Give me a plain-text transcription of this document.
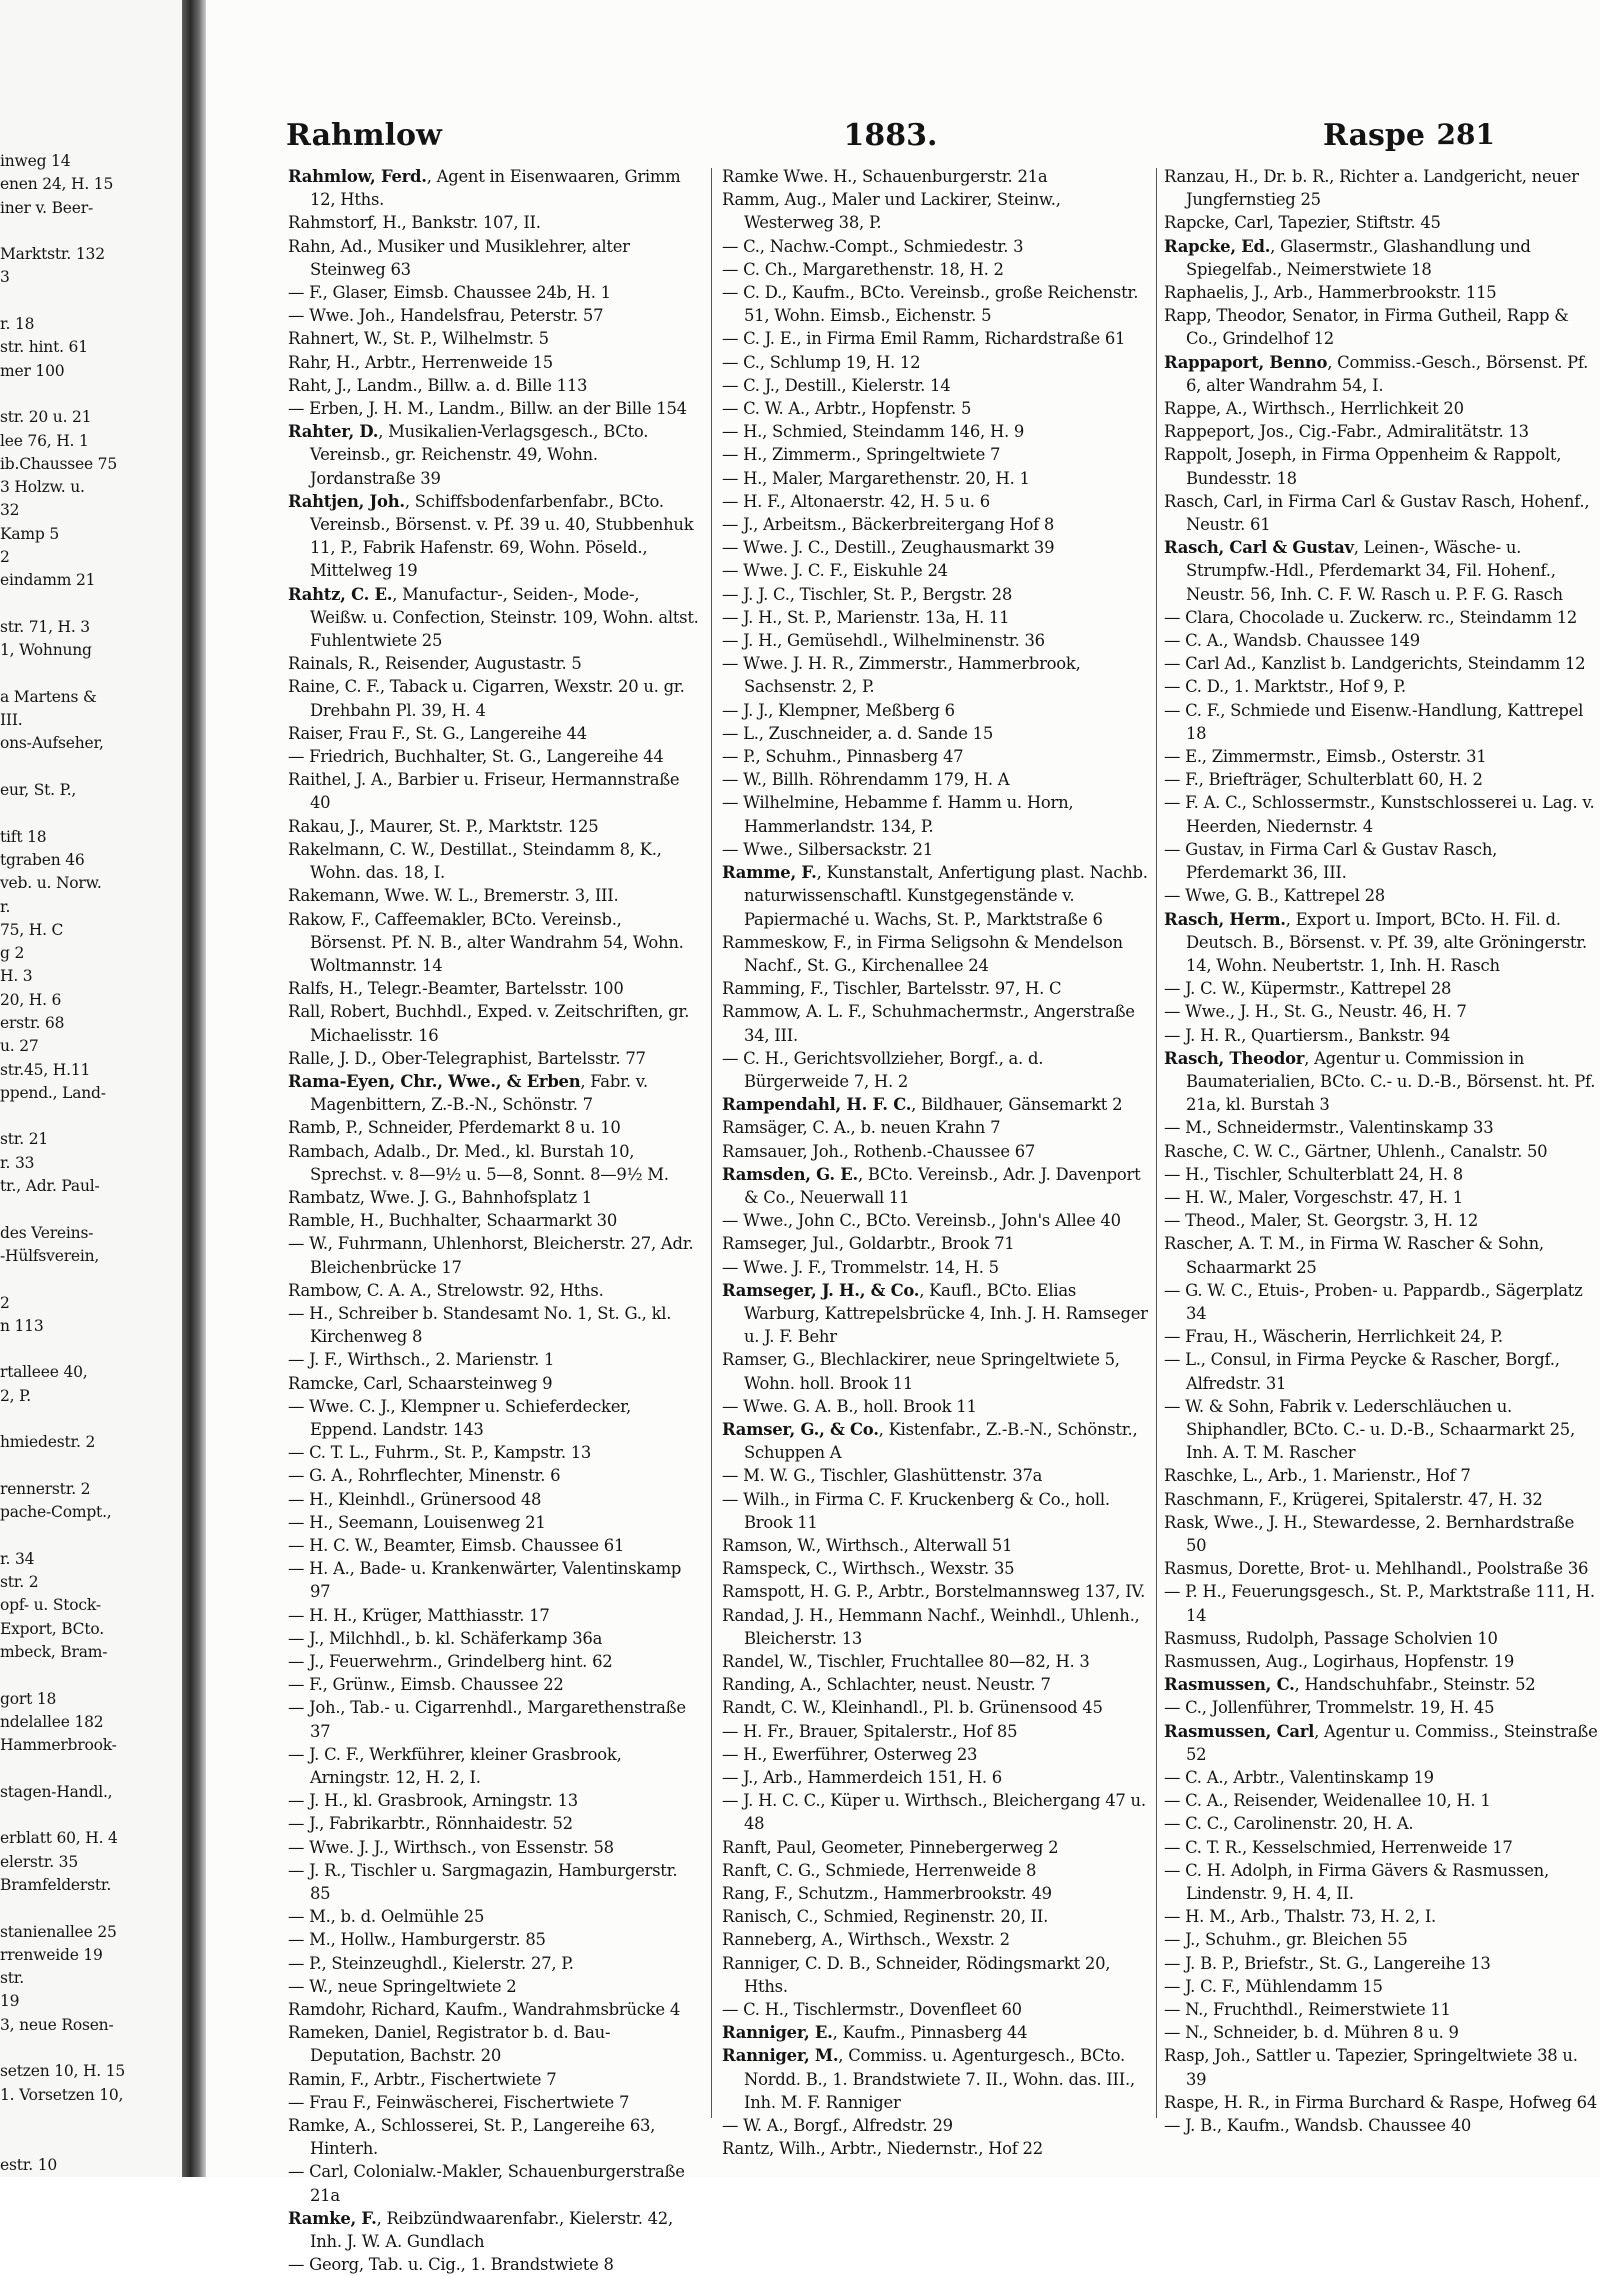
inweg 14
enen 24, H. 15
iner v. Beer-
Marktstr. 132
3
r. 18
str. hint. 61
mer 100
str. 20 u. 21
lee 76, H. 1
ib.Chaussee 75
3 Holzw. u.
32
Kamp 5
2
eindamm 21
str. 71, H. 3
1, Wohnung
a Martens &
III.
ons-Aufseher,
eur, St. P.,
tift 18
tgraben 46
veb. u. Norw.
r.
75, H. C
g 2
H. 3
20, H. 6
erstr. 68
u. 27
str.45, H.11
ppend., Land-
str. 21
r. 33
tr., Adr. Paul-
des Vereins-
-Hülfsverein,
2
n 113
rtalleee 40,
2, P.
hmiedestr. 2
rennerstr. 2
pache-Compt.,
r. 34
str. 2
opf- u. Stock-
Export, BCto.
mbeck, Bram-
gort 18
ndelallee 182
Hammerbrook-
stagen-Handl.,
erblatt 60, H. 4
elerstr. 35
Bramfelderstr.
stanienallee 25
rrenweide 19
str.
19
3, neue Rosen-
setzen 10, H. 15
1. Vorsetzen 10,
estr. 10
Rahmlow	1883.	Raspe 281
Rahmlow, Ferd., Agent in Eisenwaaren, Grimm 12, Hths.
Rahmstorf, H., Bankstr. 107, II.
Rahn, Ad., Musiker und Musiklehrer, alter Steinweg 63
— F., Glaser, Eimsb. Chaussee 24b, H. 1
— Wwe. Joh., Handelsfrau, Peterstr. 57
Rahnert, W., St. P., Wilhelmstr. 5
Rahr, H., Arbtr., Herrenweide 15
Raht, J., Landm., Billw. a. d. Bille 113
— Erben, J. H. M., Landm., Billw. an der Bille 154
Rahter, D., Musikalien-Verlagsgesch., BCto. Vereinsb., gr. Reichenstr. 49, Wohn. Jordanstraße 39
Rahtjen, Joh., Schiffsbodenfarbenfabr., BCto. Vereinsb., Börsenst. v. Pf. 39 u. 40, Stubbenhuk 11, P., Fabrik Hafenstr. 69, Wohn. Pöseld., Mittelweg 19
Rahtz, C. E., Manufactur-, Seiden-, Mode-, Weißw. u. Confection, Steinstr. 109, Wohn. altst. Fuhlentwiete 25
Rainals, R., Reisender, Augustastr. 5
Raine, C. F., Taback u. Cigarren, Wexstr. 20 u. gr. Drehbahn Pl. 39, H. 4
Raiser, Frau F., St. G., Langereihe 44
— Friedrich, Buchhalter, St. G., Langereihe 44
Raithel, J. A., Barbier u. Friseur, Hermannstraße 40
Rakau, J., Maurer, St. P., Marktstr. 125
Rakelmann, C. W., Destillat., Steindamm 8, K., Wohn. das. 18, I.
Rakemann, Wwe. W. L., Bremerstr. 3, III.
Rakow, F., Caffeemakler, BCto. Vereinsb., Börsenst. Pf. N. B., alter Wandrahm 54, Wohn. Woltmannstr. 14
Ralfs, H., Telegr.-Beamter, Bartelsstr. 100
Rall, Robert, Buchhdl., Exped. v. Zeitschriften, gr. Michaelisstr. 16
Ralle, J. D., Ober-Telegraphist, Bartelsstr. 77
Rama-Eyen, Chr., Wwe., & Erben, Fabr. v. Magenbittern, Z.-B.-N., Schönstr. 7
Ramb, P., Schneider, Pferdemarkt 8 u. 10
Rambach, Adalb., Dr. Med., kl. Burstah 10, Sprechst. v. 8—9½ u. 5—8, Sonnt. 8—9½ M.
Rambatz, Wwe. J. G., Bahnhofsplatz 1
Ramble, H., Buchhalter, Schaarmarkt 30
— W., Fuhrmann, Uhlenhorst, Bleicherstr. 27, Adr. Bleichenbrücke 17
Rambow, C. A. A., Strelowstr. 92, Hths.
— H., Schreiber b. Standesamt No. 1, St. G., kl. Kirchenweg 8
— J. F., Wirthsch., 2. Marienstr. 1
Ramcke, Carl, Schaarsteinweg 9
— Wwe. C. J., Klempner u. Schieferdecker, Eppend. Landstr. 143
— C. T. L., Fuhrm., St. P., Kampstr. 13
— G. A., Rohrflechter, Minenstr. 6
— H., Kleinhdl., Grünersood 48
— H., Seemann, Louisenweg 21
— H. C. W., Beamter, Eimsb. Chaussee 61
— H. A., Bade- u. Krankenwärter, Valentinskamp 97
— H. H., Krüger, Matthiasstr. 17
— J., Milchhdl., b. kl. Schäferkamp 36a
— J., Feuerwehrm., Grindelberg hint. 62
— F., Grünw., Eimsb. Chaussee 22
— Joh., Tab.- u. Cigarrenhdl., Margarethenstraße 37
— J. C. F., Werkführer, kleiner Grasbrook, Arningstr. 12, H. 2, I.
— J. H., kl. Grasbrook, Arningstr. 13
— J., Fabrikarbtr., Rönnhaidestr. 52
— Wwe. J. J., Wirthsch., von Essenstr. 58
— J. R., Tischler u. Sargmagazin, Hamburgerstr. 85
— M., b. d. Oelmühle 25
— M., Hollw., Hamburgerstr. 85
— P., Steinzeughdl., Kielerstr. 27, P.
— W., neue Springeltwiete 2
Ramdohr, Richard, Kaufm., Wandrahmsbrücke 4
Rameken, Daniel, Registrator b. d. Bau-Deputation, Bachstr. 20
Ramin, F., Arbtr., Fischertwiete 7
— Frau F., Feinwäscherei, Fischertwiete 7
Ramke, A., Schlosserei, St. P., Langereihe 63, Hinterh.
— Carl, Colonialw.-Makler, Schauenburgerstraße 21a
Ramke, F., Reibzündwaarenfabr., Kielerstr. 42, Inh. J. W. A. Gundlach
— Georg, Tab. u. Cig., 1. Brandstwiete 8
Ramke Wwe. H., Schauenburgerstr. 21a
Ramm, Aug., Maler und Lackirer, Steinw., Westerweg 38, P.
— C., Nachw.-Compt., Schmiedestr. 3
— C. Ch., Margarethenstr. 18, H. 2
— C. D., Kaufm., BCto. Vereinsb., große Reichenstr. 51, Wohn. Eimsb., Eichenstr. 5
— C. J. E., in Firma Emil Ramm, Richardstraße 61
— C., Schlump 19, H. 12
— C. J., Destill., Kielerstr. 14
— C. W. A., Arbtr., Hopfenstr. 5
— H., Schmied, Steindamm 146, H. 9
— H., Zimmerm., Springeltwiete 7
— H., Maler, Margarethenstr. 20, H. 1
— H. F., Altonaerstr. 42, H. 5 u. 6
— J., Arbeitsm., Bäckerbreitergang Hof 8
— Wwe. J. C., Destill., Zeughausmarkt 39
— Wwe. J. C. F., Eiskuhle 24
— J. J. C., Tischler, St. P., Bergstr. 28
— J. H., St. P., Marienstr. 13a, H. 11
— J. H., Gemüsehdl., Wilhelminenstr. 36
— Wwe. J. H. R., Zimmerstr., Hammerbrook, Sachsenstr. 2, P.
— J. J., Klempner, Meßberg 6
— L., Zuschneider, a. d. Sande 15
— P., Schuhm., Pinnasberg 47
— W., Billh. Röhrendamm 179, H. A
— Wilhelmine, Hebamme f. Hamm u. Horn, Hammerlandstr. 134, P.
— Wwe., Silbersackstr. 21
Ramme, F., Kunstanstalt, Anfertigung plast. Nachb. naturwissenschaftl. Kunstgegenstände v. Papiermaché u. Wachs, St. P., Marktstraße 6
Rammeskow, F., in Firma Seligsohn & Mendelson Nachf., St. G., Kirchenallee 24
Ramming, F., Tischler, Bartelsstr. 97, H. C
Rammow, A. L. F., Schuhmachermstr., Angerstraße 34, III.
— C. H., Gerichtsvollzieher, Borgf., a. d. Bürgerweide 7, H. 2
Rampendahl, H. F. C., Bildhauer, Gänsemarkt 2
Ramsäger, C. A., b. neuen Krahn 7
Ramsauer, Joh., Rothenb.-Chaussee 67
Ramsden, G. E., BCto. Vereinsb., Adr. J. Davenport & Co., Neuerwall 11
— Wwe., John C., BCto. Vereinsb., John's Allee 40
Ramseger, Jul., Goldarbtr., Brook 71
— Wwe. J. F., Trommelstr. 14, H. 5
Ramseger, J. H., & Co., Kaufl., BCto. Elias Warburg, Kattrepelsbrücke 4, Inh. J. H. Ramseger u. J. F. Behr
Ramser, G., Blechlackirer, neue Springeltwiete 5, Wohn. holl. Brook 11
— Wwe. G. A. B., holl. Brook 11
Ramser, G., & Co., Kistenfabr., Z.-B.-N., Schönstr., Schuppen A
— M. W. G., Tischler, Glashüttenstr. 37a
— Wilh., in Firma C. F. Kruckenberg & Co., holl. Brook 11
Ramson, W., Wirthsch., Alterwall 51
Ramspeck, C., Wirthsch., Wexstr. 35
Ramspott, H. G. P., Arbtr., Borstelmannsweg 137, IV.
Randad, J. H., Hemmann Nachf., Weinhdl., Uhlenh., Bleicherstr. 13
Randel, W., Tischler, Fruchtallee 80—82, H. 3
Randing, A., Schlachter, neust. Neustr. 7
Randt, C. W., Kleinhandl., Pl. b. Grünensood 45
— H. Fr., Brauer, Spitalerstr., Hof 85
— H., Ewerführer, Osterweg 23
— J., Arb., Hammerdeich 151, H. 6
— J. H. C. C., Küper u. Wirthsch., Bleichergang 47 u. 48
Ranft, Paul, Geometer, Pinnebergerweg 2
Ranft, C. G., Schmiede, Herrenweide 8
Rang, F., Schutzm., Hammerbrookstr. 49
Ranisch, C., Schmied, Reginenstr. 20, II.
Ranneberg, A., Wirthsch., Wexstr. 2
Ranniger, C. D. B., Schneider, Rödingsmarkt 20, Hths.
— C. H., Tischlermstr., Dovenfleet 60
Ranniger, E., Kaufm., Pinnasberg 44
Ranniger, M., Commiss. u. Agenturgesch., BCto. Nordd. B., 1. Brandstwiete 7. II., Wohn. das. III., Inh. M. F. Ranniger
— W. A., Borgf., Alfredstr. 29
Rantz, Wilh., Arbtr., Niedernstr., Hof 22
Ranzau, H., Dr. b. R., Richter a. Landgericht, neuer Jungfernstieg 25
Rapcke, Carl, Tapezier, Stiftstr. 45
Rapcke, Ed., Glasermstr., Glashandlung und Spiegelfab., Neimerstwiete 18
Raphaelis, J., Arb., Hammerbrookstr. 115
Rapp, Theodor, Senator, in Firma Gutheil, Rapp & Co., Grindelhof 12
Rappaport, Benno, Commiss.-Gesch., Börsenst. Pf. 6, alter Wandrahm 54, I.
Rappe, A., Wirthsch., Herrlichkeit 20
Rappeport, Jos., Cig.-Fabr., Admiralitätstr. 13
Rappolt, Joseph, in Firma Oppenheim & Rappolt, Bundesstr. 18
Rasch, Carl, in Firma Carl & Gustav Rasch, Hohenf., Neustr. 61
Rasch, Carl & Gustav, Leinen-, Wäsche- u. Strumpfw.-Hdl., Pferdemarkt 34, Fil. Hohenf., Neustr. 56, Inh. C. F. W. Rasch u. P. F. G. Rasch
— Clara, Chocolade u. Zuckerw. rc., Steindamm 12
— C. A., Wandsb. Chaussee 149
— Carl Ad., Kanzlist b. Landgerichts, Steindamm 12
— C. D., 1. Marktstr., Hof 9, P.
— C. F., Schmiede und Eisenw.-Handlung, Kattrepel 18
— E., Zimmermstr., Eimsb., Osterstr. 31
— F., Briefträger, Schulterblatt 60, H. 2
— F. A. C., Schlossermstr., Kunstschlosserei u. Lag. v. Heerden, Niedernstr. 4
— Gustav, in Firma Carl & Gustav Rasch, Pferdemarkt 36, III.
— Wwe, G. B., Kattrepel 28
Rasch, Herm., Export u. Import, BCto. H. Fil. d. Deutsch. B., Börsenst. v. Pf. 39, alte Gröningerstr. 14, Wohn. Neubertstr. 1, Inh. H. Rasch
— J. C. W., Küpermstr., Kattrepel 28
— Wwe., J. H., St. G., Neustr. 46, H. 7
— J. H. R., Quartiersm., Bankstr. 94
Rasch, Theodor, Agentur u. Commission in Baumaterialien, BCto. C.- u. D.-B., Börsenst. ht. Pf. 21a, kl. Burstah 3
— M., Schneidermstr., Valentinskamp 33
Rasche, C. W. C., Gärtner, Uhlenh., Canalstr. 50
— H., Tischler, Schulterblatt 24, H. 8
— H. W., Maler, Vorgeschstr. 47, H. 1
— Theod., Maler, St. Georgstr. 3, H. 12
Rascher, A. T. M., in Firma W. Rascher & Sohn, Schaarmarkt 25
— G. W. C., Etuis-, Proben- u. Pappardb., Sägerplatz 34
— Frau, H., Wäscherin, Herrlichkeit 24, P.
— L., Consul, in Firma Peycke & Rascher, Borgf., Alfredstr. 31
— W. & Sohn, Fabrik v. Lederschläuchen u. Shiphandler, BCto. C.- u. D.-B., Schaarmarkt 25, Inh. A. T. M. Rascher
Raschke, L., Arb., 1. Marienstr., Hof 7
Raschmann, F., Krügerei, Spitalerstr. 47, H. 32
Rask, Wwe., J. H., Stewardesse, 2. Bernhardstraße 50
Rasmus, Dorette, Brot- u. Mehlhandl., Poolstraße 36
— P. H., Feuerungsgesch., St. P., Marktstraße 111, H. 14
Rasmuss, Rudolph, Passage Scholvien 10
Rasmussen, Aug., Logirhaus, Hopfenstr. 19
Rasmussen, C., Handschuhfabr., Steinstr. 52
— C., Jollenführer, Trommelstr. 19, H. 45
Rasmussen, Carl, Agentur u. Commiss., Steinstraße 52
— C. A., Arbtr., Valentinskamp 19
— C. A., Reisender, Weidenallee 10, H. 1
— C. C., Carolinenstr. 20, H. A.
— C. T. R., Kesselschmied, Herrenweide 17
— C. H. Adolph, in Firma Gävers & Rasmussen, Lindenstr. 9, H. 4, II.
— H. M., Arb., Thalstr. 73, H. 2, I.
— J., Schuhm., gr. Bleichen 55
— J. B. P., Briefstr., St. G., Langereihe 13
— J. C. F., Mühlendamm 15
— N., Fruchthdl., Reimerstwiete 11
— N., Schneider, b. d. Mühren 8 u. 9
Rasp, Joh., Sattler u. Tapezier, Springeltwiete 38 u. 39
Raspe, H. R., in Firma Burchard & Raspe, Hofweg 64
— J. B., Kaufm., Wandsb. Chaussee 40
